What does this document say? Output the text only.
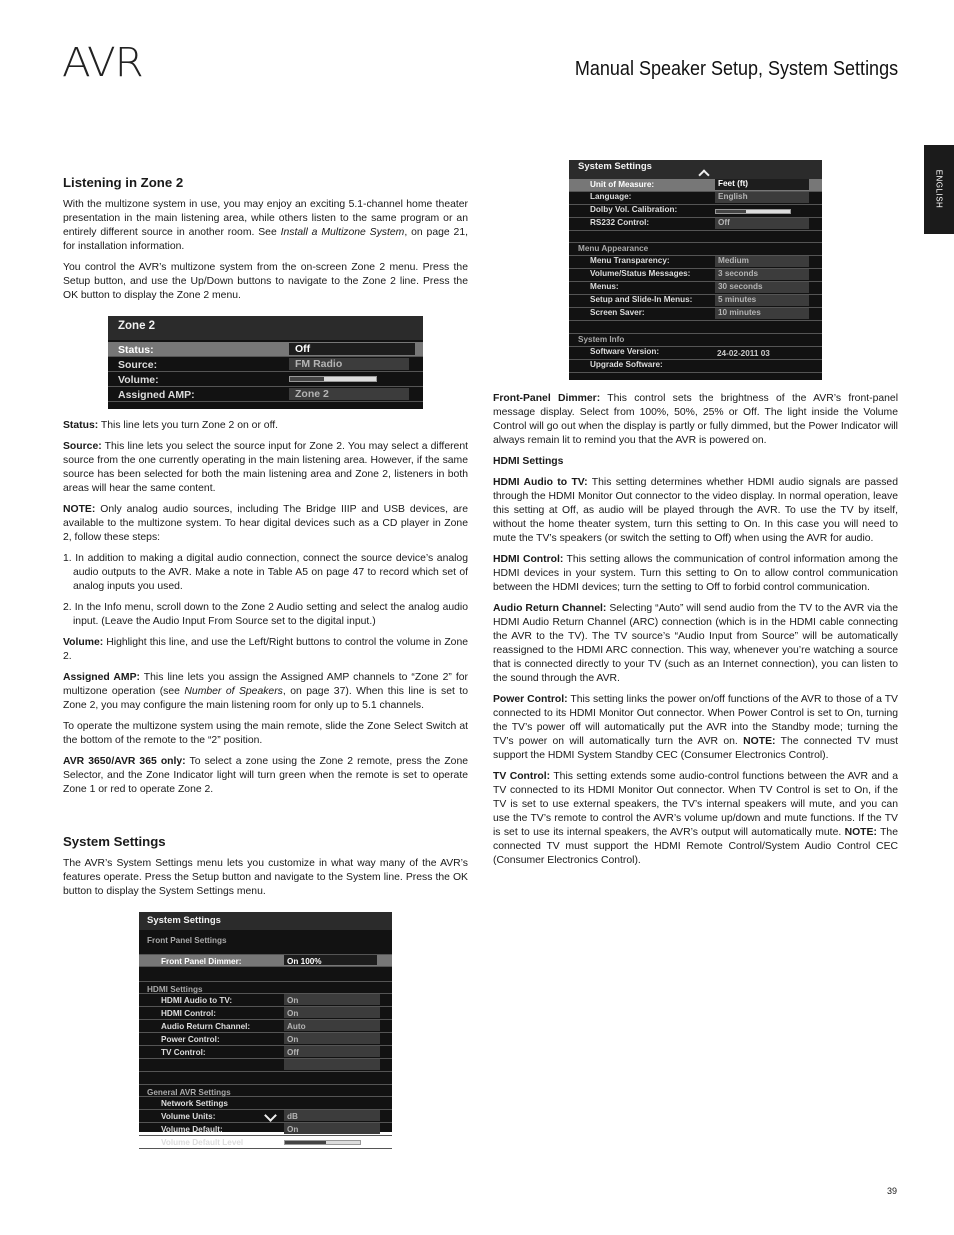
AVR	Manual Speaker Setup, System Settings
ENGLISH
Listening in Zone 2

With the multizone system in use, you may enjoy an exciting 5.1-channel home theater presentation in the main listening area, while others listen to the same program or an entirely different source in another room. See Install a Multizone System, on page 21, for installation information.

You control the AVR’s multizone system from the on-screen Zone 2 menu. Press the Setup button, and use the Up/Down buttons to navigate to the Zone 2 line. Press the OK button to display the Zone 2 menu.

Zone 2
Status:	Off
Source:	FM Radio
Volume:
Assigned AMP:	Zone 2

Status: This line lets you turn Zone 2 on or off.

Source: This line lets you select the source input for Zone 2. You may select a different source from the one currently operating in the main listening area. However, if the same source has been selected for both the main listening area and Zone 2, listeners in both areas will hear the same content.

NOTE: Only analog audio sources, including The Bridge IIIP and USB devices, are available to the multizone system. To hear digital devices such as a CD player in Zone 2, follow these steps:

1. In addition to making a digital audio connection, connect the source device’s analog audio outputs to the AVR. Make a note in Table A5 on page 47 to record which set of analog inputs you used.

2. In the Info menu, scroll down to the Zone 2 Audio setting and select the analog audio input. (Leave the Audio Input From Source set to the digital input.)

Volume: Highlight this line, and use the Left/Right buttons to control the volume in Zone 2.

Assigned AMP: This line lets you assign the Assigned AMP channels to “Zone 2” for multizone operation (see Number of Speakers, on page 37). When this line is set to Zone 2, you may configure the main listening room for only up to 5.1 channels.

To operate the multizone system using the main remote, slide the Zone Select Switch at the bottom of the remote to the “2” position.

AVR 3650/AVR 365 only: To select a zone using the Zone 2 remote, press the Zone Selector, and the Zone Indicator light will turn green when the remote is set to operate Zone 1 or red to operate Zone 2.

System Settings

The AVR’s System Settings menu lets you customize in what way many of the AVR’s features operate. Press the Setup button and navigate to the System line. Press the OK button to display the System Settings menu.

System Settings
Front Panel Settings
Front Panel Dimmer:	On 100%
HDMI Settings
HDMI Audio to TV:	On
HDMI Control:	On
Audio Return Channel:	Auto
Power Control:	On
TV Control:	Off
General AVR Settings
Network Settings
Volume Units:	dB
Volume Default:	On
Volume Default Level
System Settings
Unit of Measure:	Feet (ft)
Language:	English
Dolby Vol. Calibration:
RS232 Control:	Off
Menu Appearance
Menu Transparency:	Medium
Volume/Status Messages:	3 seconds
Menus:	30 seconds
Setup and Slide-In Menus:	5 minutes
Screen Saver:	10 minutes
System Info
Software Version:	24-02-2011 03
Upgrade Software:

Front-Panel Dimmer: This control sets the brightness of the AVR’s front-panel message display. Select from 100%, 50%, 25% or Off. The light inside the Volume Control will go out when the display is partly or fully dimmed, but the Power Indicator will always remain lit to remind you that the AVR is powered on.

HDMI Settings

HDMI Audio to TV: This setting determines whether HDMI audio signals are passed through the HDMI Monitor Out connector to the video display. In normal operation, leave this setting at Off, as audio will be played through the AVR. To use the TV by itself, without the home theater system, turn this setting to On. In this case you will need to mute the TV’s speakers (or switch the setting to Off) when using the AVR for audio.

HDMI Control: This setting allows the communication of control information among the HDMI devices in your system. Turn this setting to On to allow control communication between the HDMI devices; turn the setting to Off to forbid control communication.

Audio Return Channel: Selecting “Auto” will send audio from the TV to the AVR via the HDMI Audio Return Channel (ARC) connection (which is in the HDMI cable connecting the AVR to the TV). The TV source’s “Audio Input from Source” will be automatically reassigned to the HDMI ARC connection. This way, whenever you’re watching a source that is connected directly to your TV (such as an Internet connection), you can listen to the sound through the AVR.

Power Control: This setting links the power on/off functions of the AVR to those of a TV connected to its HDMI Monitor Out connector. When Power Control is set to On, turning the TV’s power off will automatically put the AVR into the Standby mode; turning the TV’s power on will automatically turn the AVR on. NOTE: The connected TV must support the HDMI System Standby CEC (Consumer Electronics Control).

TV Control: This setting extends some audio-control functions between the AVR and a TV connected to its HDMI Monitor Out connector. When TV Control is set to On, if the TV is set to use external speakers, the TV’s internal speakers will mute, and you can use the TV’s remote to control the AVR’s volume up/down and mute functions. If the TV is set to use its internal speakers, the AVR’s output will automatically mute. NOTE: The connected TV must support the HDMI Remote Control/System Audio Control CEC (Consumer Electronics Control).

39
